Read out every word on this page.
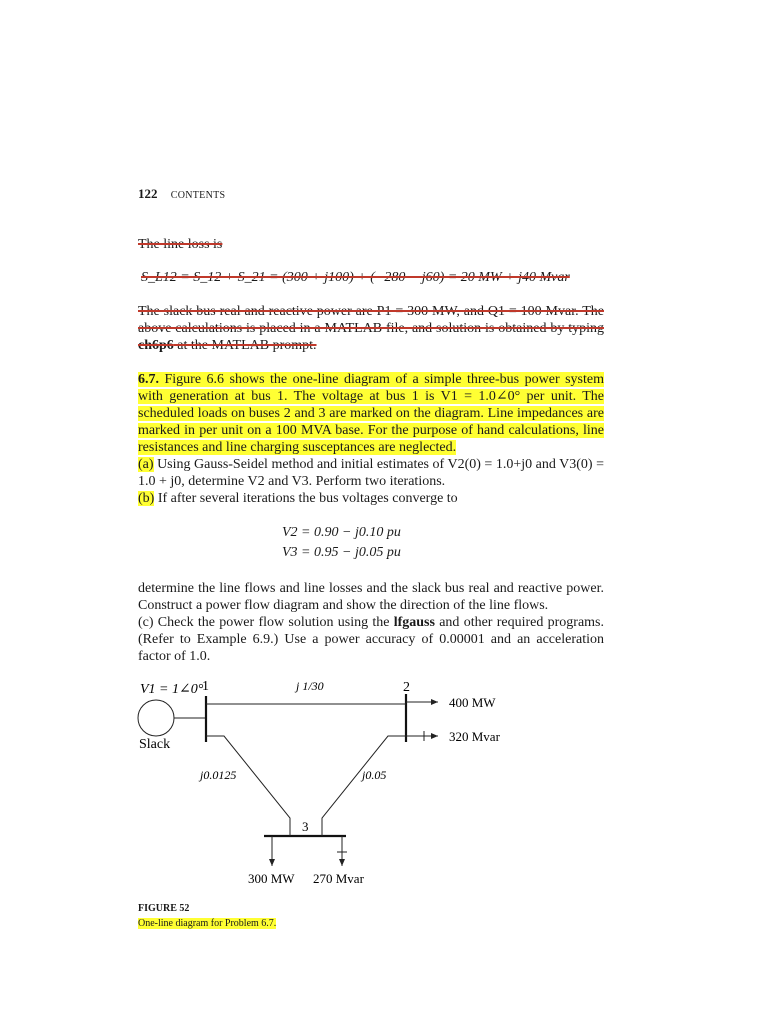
122 CONTENTS
The line loss is
S_L12 = S_12 + S_21 = (300 + j100) + (−280 − j60) = 20 MW + j40 Mvar
The slack bus real and reactive power are P1 = 300 MW, and Q1 = 100 Mvar. The above calculations is placed in a MATLAB file, and solution is obtained by typing ch6p6 at the MATLAB prompt.
6.7. Figure 6.6 shows the one-line diagram of a simple three-bus power system with generation at bus 1. The voltage at bus 1 is V1 = 1.0∠0° per unit. The scheduled loads on buses 2 and 3 are marked on the diagram. Line impedances are marked in per unit on a 100 MVA base. For the purpose of hand calculations, line resistances and line charging susceptances are neglected.
(a) Using Gauss-Seidel method and initial estimates of V2(0) = 1.0+j0 and V3(0) = 1.0 + j0, determine V2 and V3. Perform two iterations.
(b) If after several iterations the bus voltages converge to
V2 = 0.90 − j0.10 pu
V3 = 0.95 − j0.05 pu
determine the line flows and line losses and the slack bus real and reactive power. Construct a power flow diagram and show the direction of the line flows.
(c) Check the power flow solution using the lfgauss and other required programs. (Refer to Example 6.9.) Use a power accuracy of 0.00001 and an acceleration factor of 1.0.
V1 = 1∠0°
1	2
3
j 1/30
j0.0125	j0.05
Slack
400 MW
320 Mvar
300 MW 270 Mvar
FIGURE 52
One-line diagram for Problem 6.7.
